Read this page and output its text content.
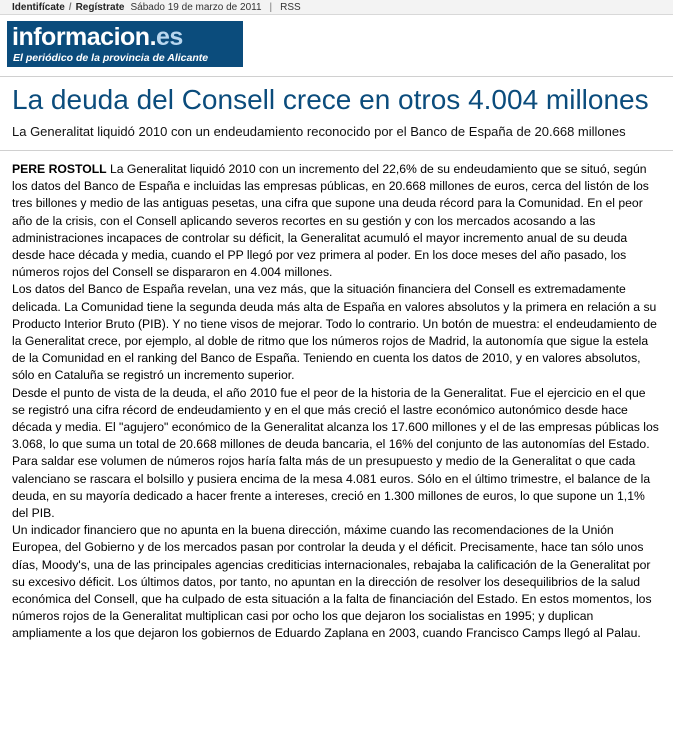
Identifícate / Regístrate Sábado 19 de marzo de 2011 | RSS
informacion.es
El periódico de la provincia de Alicante
La deuda del Consell crece en otros 4.004 millones
La Generalitat liquidó 2010 con un endeudamiento reconocido por el Banco de España de 20.668 millones

PERE ROSTOLL La Generalitat liquidó 2010 con un incremento del 22,6% de su endeudamiento que se situó, según los datos del Banco de España e incluidas las empresas públicas, en 20.668 millones de euros, cerca del listón de los tres billones y medio de las antiguas pesetas, una cifra que supone una deuda récord para la Comunidad. En el peor año de la crisis, con el Consell aplicando severos recortes en su gestión y con los mercados acosando a las administraciones incapaces de controlar su déficit, la Generalitat acumuló el mayor incremento anual de su deuda desde hace década y media, cuando el PP llegó por vez primera al poder. En los doce meses del año pasado, los números rojos del Consell se dispararon en 4.004 millones.

Los datos del Banco de España revelan, una vez más, que la situación financiera del Consell es extremadamente delicada. La Comunidad tiene la segunda deuda más alta de España en valores absolutos y la primera en relación a su Producto Interior Bruto (PIB). Y no tiene visos de mejorar. Todo lo contrario. Un botón de muestra: el endeudamiento de la Generalitat crece, por ejemplo, al doble de ritmo que los números rojos de Madrid, la autonomía que sigue la estela de la Comunidad en el ranking del Banco de España. Teniendo en cuenta los datos de 2010, y en valores absolutos, sólo en Cataluña se registró un incremento superior.

Desde el punto de vista de la deuda, el año 2010 fue el peor de la historia de la Generalitat. Fue el ejercicio en el que se registró una cifra récord de endeudamiento y en el que más creció el lastre económico autonómico desde hace década y media. El "agujero" económico de la Generalitat alcanza los 17.600 millones y el de las empresas públicas los 3.068, lo que suma un total de 20.668 millones de deuda bancaria, el 16% del conjunto de las autonomías del Estado. Para saldar ese volumen de números rojos haría falta más de un presupuesto y medio de la Generalitat o que cada valenciano se rascara el bolsillo y pusiera encima de la mesa 4.081 euros. Sólo en el último trimestre, el balance de la deuda, en su mayoría dedicado a hacer frente a intereses, creció en 1.300 millones de euros, lo que supone un 1,1% del PIB.

Un indicador financiero que no apunta en la buena dirección, máxime cuando las recomendaciones de la Unión Europea, del Gobierno y de los mercados pasan por controlar la deuda y el déficit. Precisamente, hace tan sólo unos días, Moody's, una de las principales agencias crediticias internacionales, rebajaba la calificación de la Generalitat por su excesivo déficit. Los últimos datos, por tanto, no apuntan en la dirección de resolver los desequilibrios de la salud económica del Consell, que ha culpado de esta situación a la falta de financiación del Estado. En estos momentos, los números rojos de la Generalitat multiplican casi por ocho los que dejaron los socialistas en 1995; y duplican ampliamente a los que dejaron los gobiernos de Eduardo Zaplana en 2003, cuando Francisco Camps llegó al Palau.
